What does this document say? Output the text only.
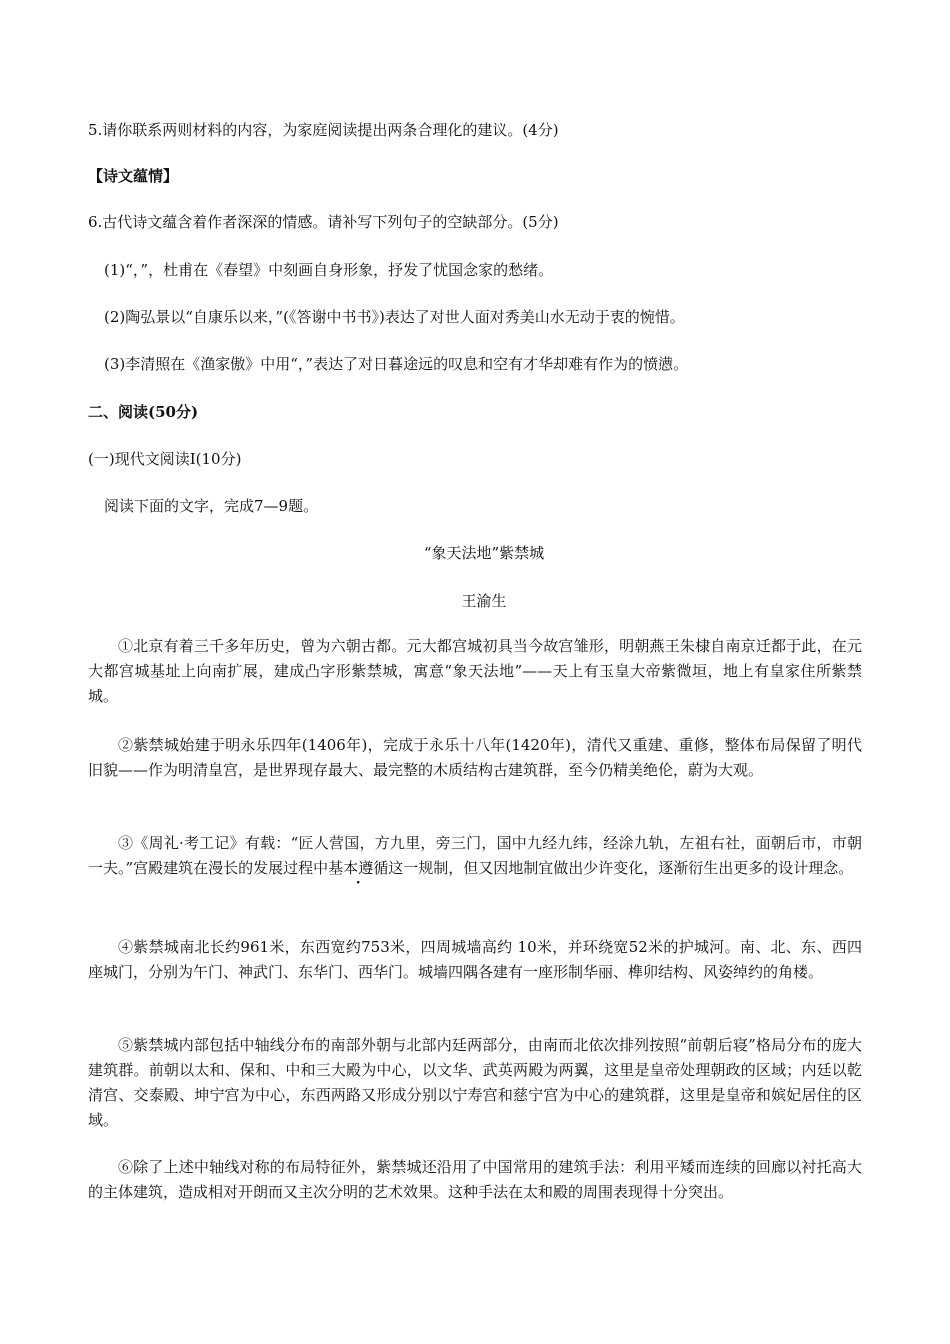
5.请你联系两则材料的内容，为家庭阅读提出两条合理化的建议。(4分)

【诗文蕴情】

6.古代诗文蕴含着作者深深的情感。请补写下列句子的空缺部分。(5分)

(1)“，”，杜甫在《春望》中刻画自身形象，抒发了忧国念家的愁绪。

(2)陶弘景以“自康乐以来，”(《答谢中书书》)表达了对世人面对秀美山水无动于衷的惋惜。

(3)李清照在《渔家傲》中用“，”表达了对日暮途远的叹息和空有才华却难有作为的愤懑。

二、阅读(50分)

(一)现代文阅读Ⅰ(10分)

阅读下面的文字，完成7—9题。

“象天法地”紫禁城

王渝生

①北京有着三千多年历史，曾为六朝古都。元大都宫城初具当今故宫雏形，明朝燕王朱棣自南京迁都于此，在元大都宫城基址上向南扩展，建成凸字形紫禁城，寓意“象天法地”——天上有玉皇大帝紫微垣，地上有皇家住所紫禁城。

②紫禁城始建于明永乐四年(1406年)，完成于永乐十八年(1420年)，清代又重建、重修，整体布局保留了明代旧貌——作为明清皇宫，是世界现存最大、最完整的木质结构古建筑群，至今仍精美绝伦，蔚为大观。

③《周礼·考工记》有载：“匠人营国，方九里，旁三门，国中九经九纬，经涂九轨，左祖右社，面朝后市，市朝一夫。”宫殿建筑在漫长的发展过程中基本遵循这一规制，但又因地制宜做出少许变化，逐渐衍生出更多的设计理念。

④紫禁城南北长约961米，东西宽约753米，四周城墙高约 10米，并环绕宽52米的护城河。南、北、东、西四座城门，分别为午门、神武门、东华门、西华门。城墙四隅各建有一座形制华丽、榫卯结构、风姿绰约的角楼。

⑤紫禁城内部包括中轴线分布的南部外朝与北部内廷两部分，由南而北依次排列按照“前朝后寝”格局分布的庞大建筑群。前朝以太和、保和、中和三大殿为中心，以文华、武英两殿为两翼，这里是皇帝处理朝政的区域；内廷以乾清宫、交泰殿、坤宁宫为中心，东西两路又形成分别以宁寿宫和慈宁宫为中心的建筑群，这里是皇帝和嫔妃居住的区域。

⑥除了上述中轴线对称的布局特征外，紫禁城还沿用了中国常用的建筑手法：利用平矮而连续的回廊以衬托高大的主体建筑，造成相对开朗而又主次分明的艺术效果。这种手法在太和殿的周围表现得十分突出。
